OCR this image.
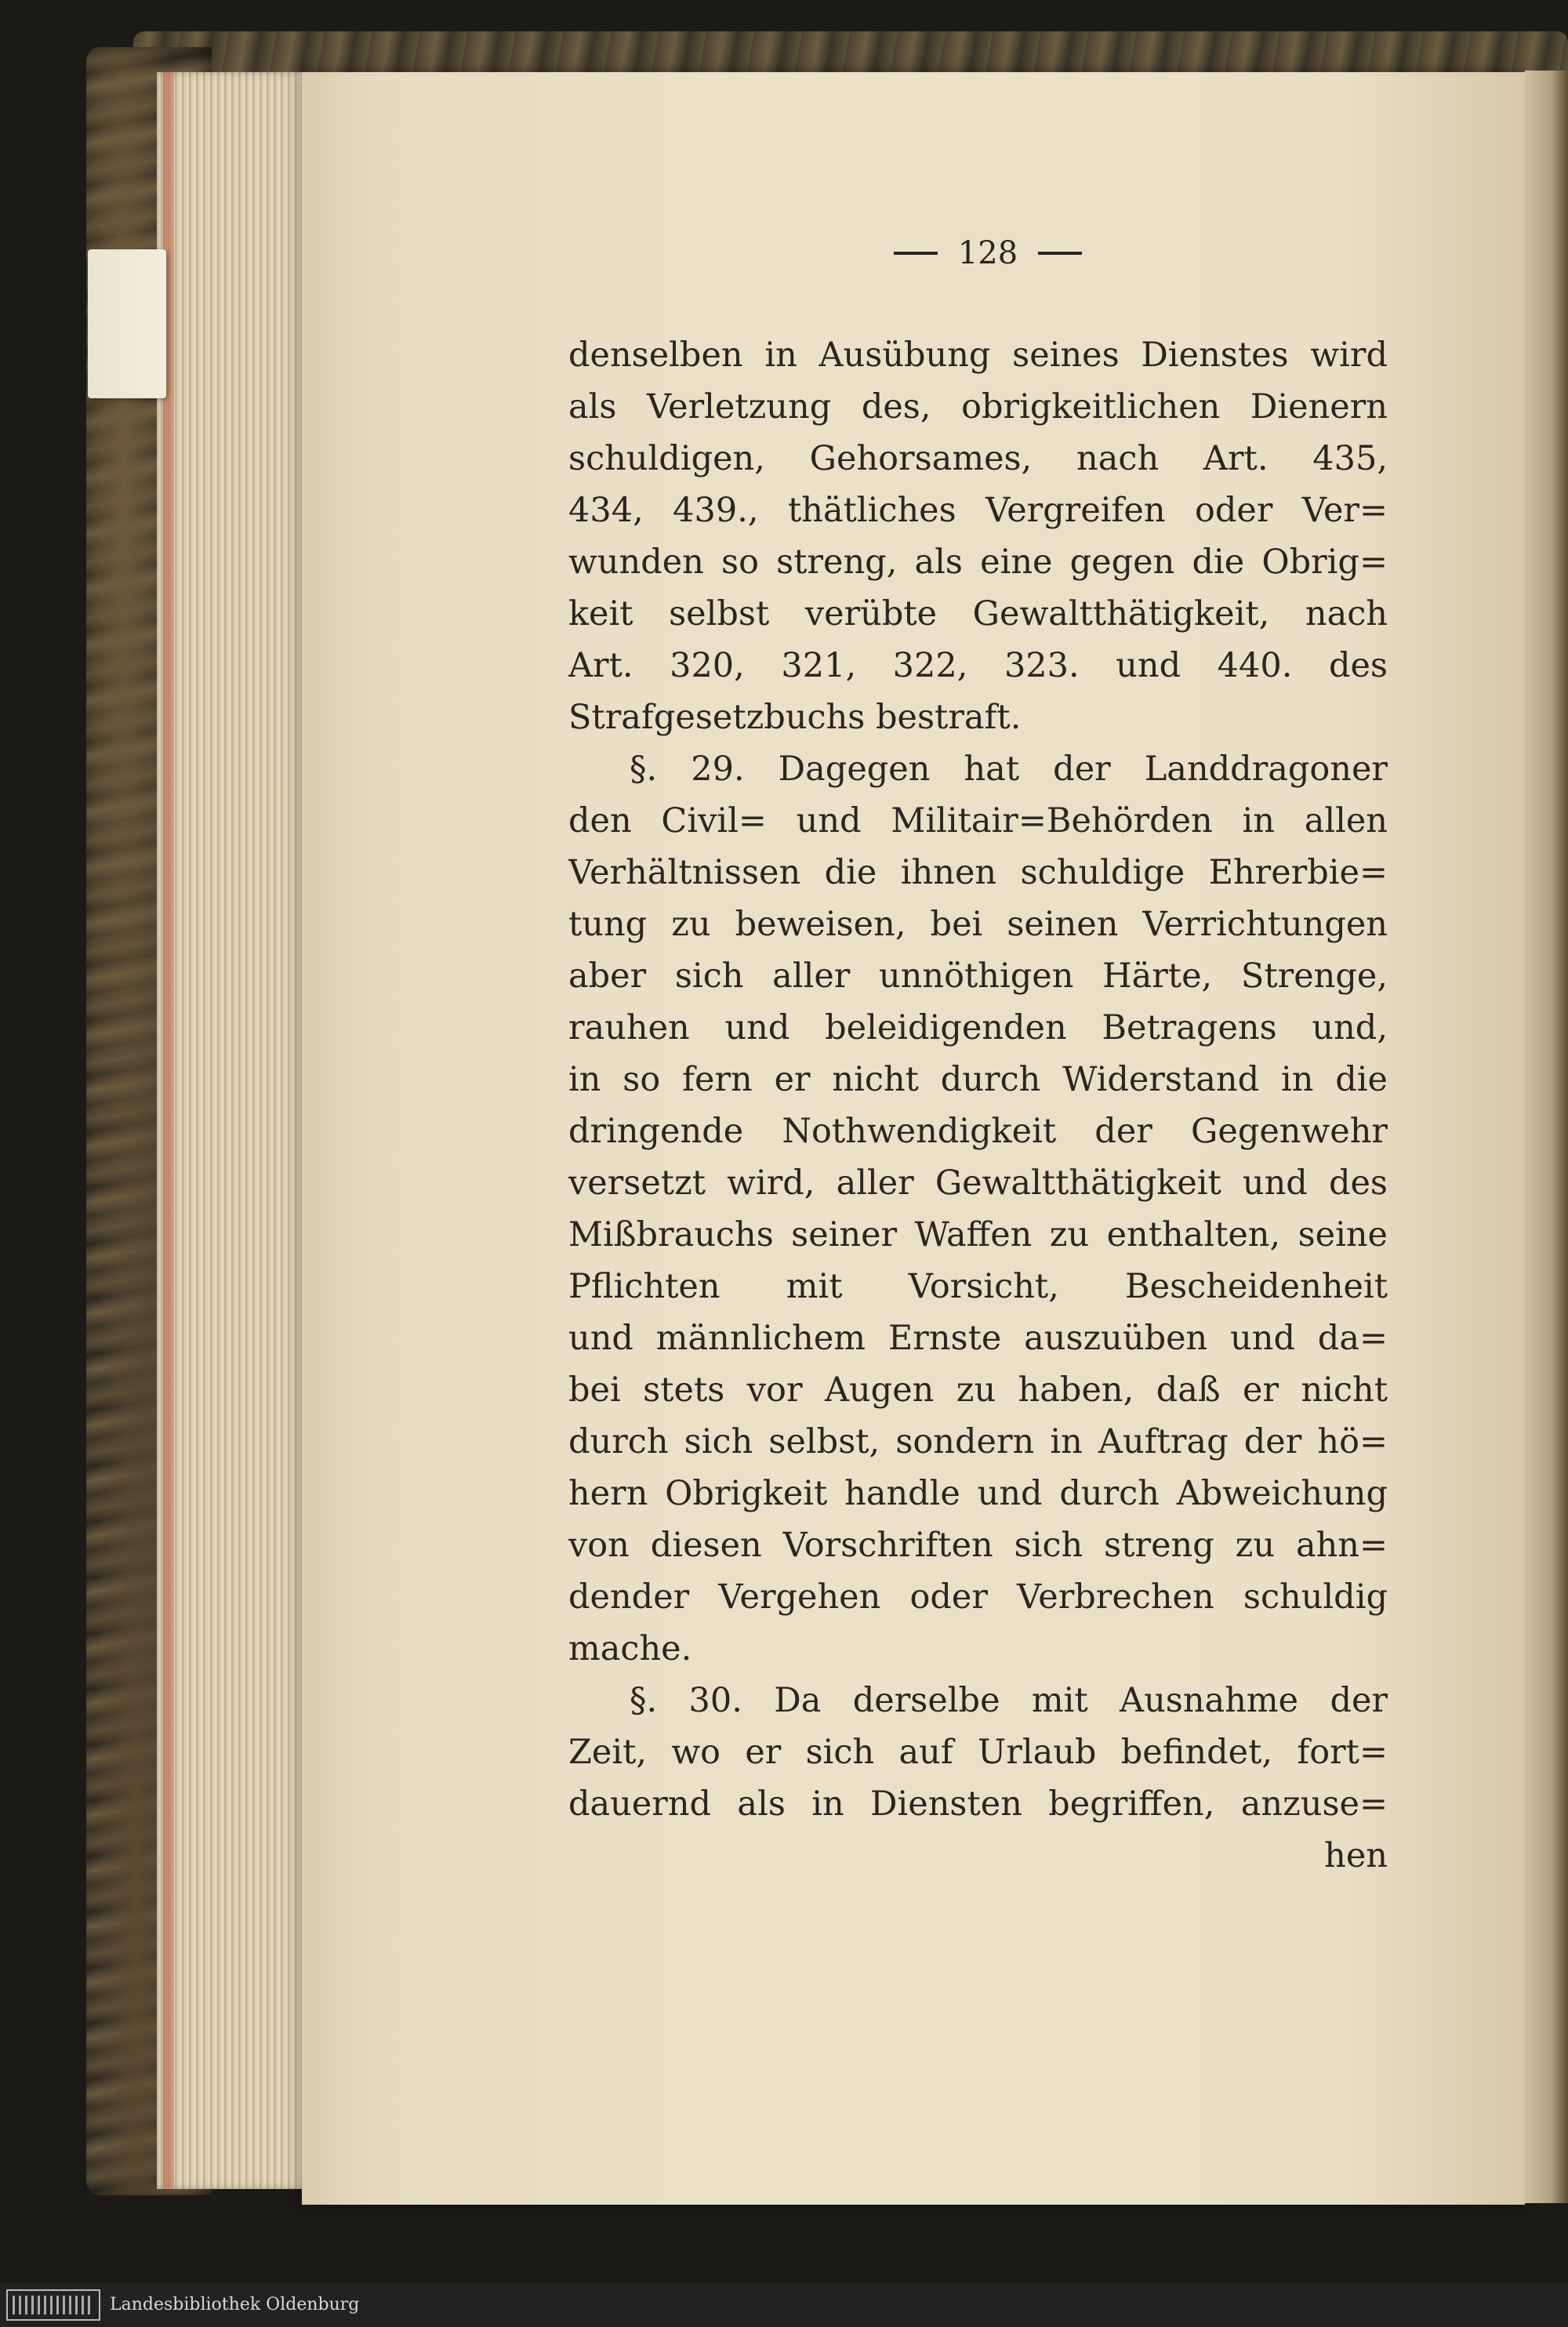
128
denselben in Ausübung seines Dienstes wird
als Verletzung des, obrigkeitlichen Dienern
schuldigen, Gehorsames, nach Art. 435,
434, 439., thätliches Vergreifen oder Ver=
wunden so streng, als eine gegen die Obrig=
keit selbst verübte Gewaltthätigkeit, nach
Art. 320, 321, 322, 323. und 440. des
Strafgesetzbuchs bestraft.
§. 29. Dagegen hat der Landdragoner
den Civil= und Militair=Behörden in allen
Verhältnissen die ihnen schuldige Ehrerbie=
tung zu beweisen, bei seinen Verrichtungen
aber sich aller unnöthigen Härte, Strenge,
rauhen und beleidigenden Betragens und,
in so fern er nicht durch Widerstand in die
dringende Nothwendigkeit der Gegenwehr
versetzt wird, aller Gewaltthätigkeit und des
Mißbrauchs seiner Waffen zu enthalten, seine
Pflichten mit Vorsicht, Bescheidenheit
und männlichem Ernste auszuüben und da=
bei stets vor Augen zu haben, daß er nicht
durch sich selbst, sondern in Auftrag der hö=
hern Obrigkeit handle und durch Abweichung
von diesen Vorschriften sich streng zu ahn=
dender Vergehen oder Verbrechen schuldig
mache.
§. 30. Da derselbe mit Ausnahme der
Zeit, wo er sich auf Urlaub befindet, fort=
dauernd als in Diensten begriffen, anzuse=
hen
Landesbibliothek Oldenburg
